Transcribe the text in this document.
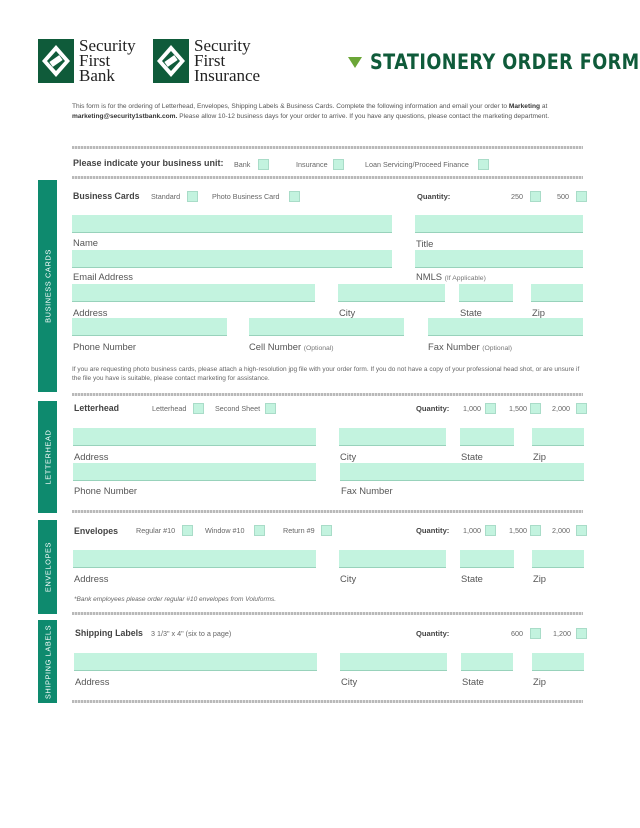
Security
First
Bank
Security
First
Insurance
STATIONERY ORDER FORM
This form is for the ordering of Letterhead, Envelopes, Shipping Labels & Business Cards. Complete the following information and email your order to Marketing at marketing@security1stbank.com. Please allow 10-12 business days for your order to arrive. If you have any questions, please contact the marketing department.
Please indicate your business unit: Bank	Insurance	Loan Servicing/Proceed Finance
BUSINESS CARDS
Business Cards Standard	Photo Business Card	Quantity:	250	500
Name	Title
Email Address	NMLS (If Applicable)
Address	City	State	Zip
Phone Number	Cell Number (Optional)	Fax Number (Optional)
If you are requesting photo business cards, please attach a high-resolution jpg file with your order form. If you do not have a copy of your professional head shot, or are unsure if the file you have is suitable, please contact marketing for assistance.
LETTERHEAD
Letterhead	Letterhead	Second Sheet	Quantity: 1,000	1,500	2,000
Address	City	State	Zip
Phone Number	Fax Number
ENVELOPES
Envelopes Regular #10	Window #10	Return #9	Quantity: 1,000	1,500	2,000
Address	City	State	Zip
*Bank employees please order regular #10 envelopes from Voluforms.
SHIPPING LABELS	Shipping Labels 3 1/3" x 4" (six to a page)	Quantity:	600	1,200
Address	City	State	Zip
